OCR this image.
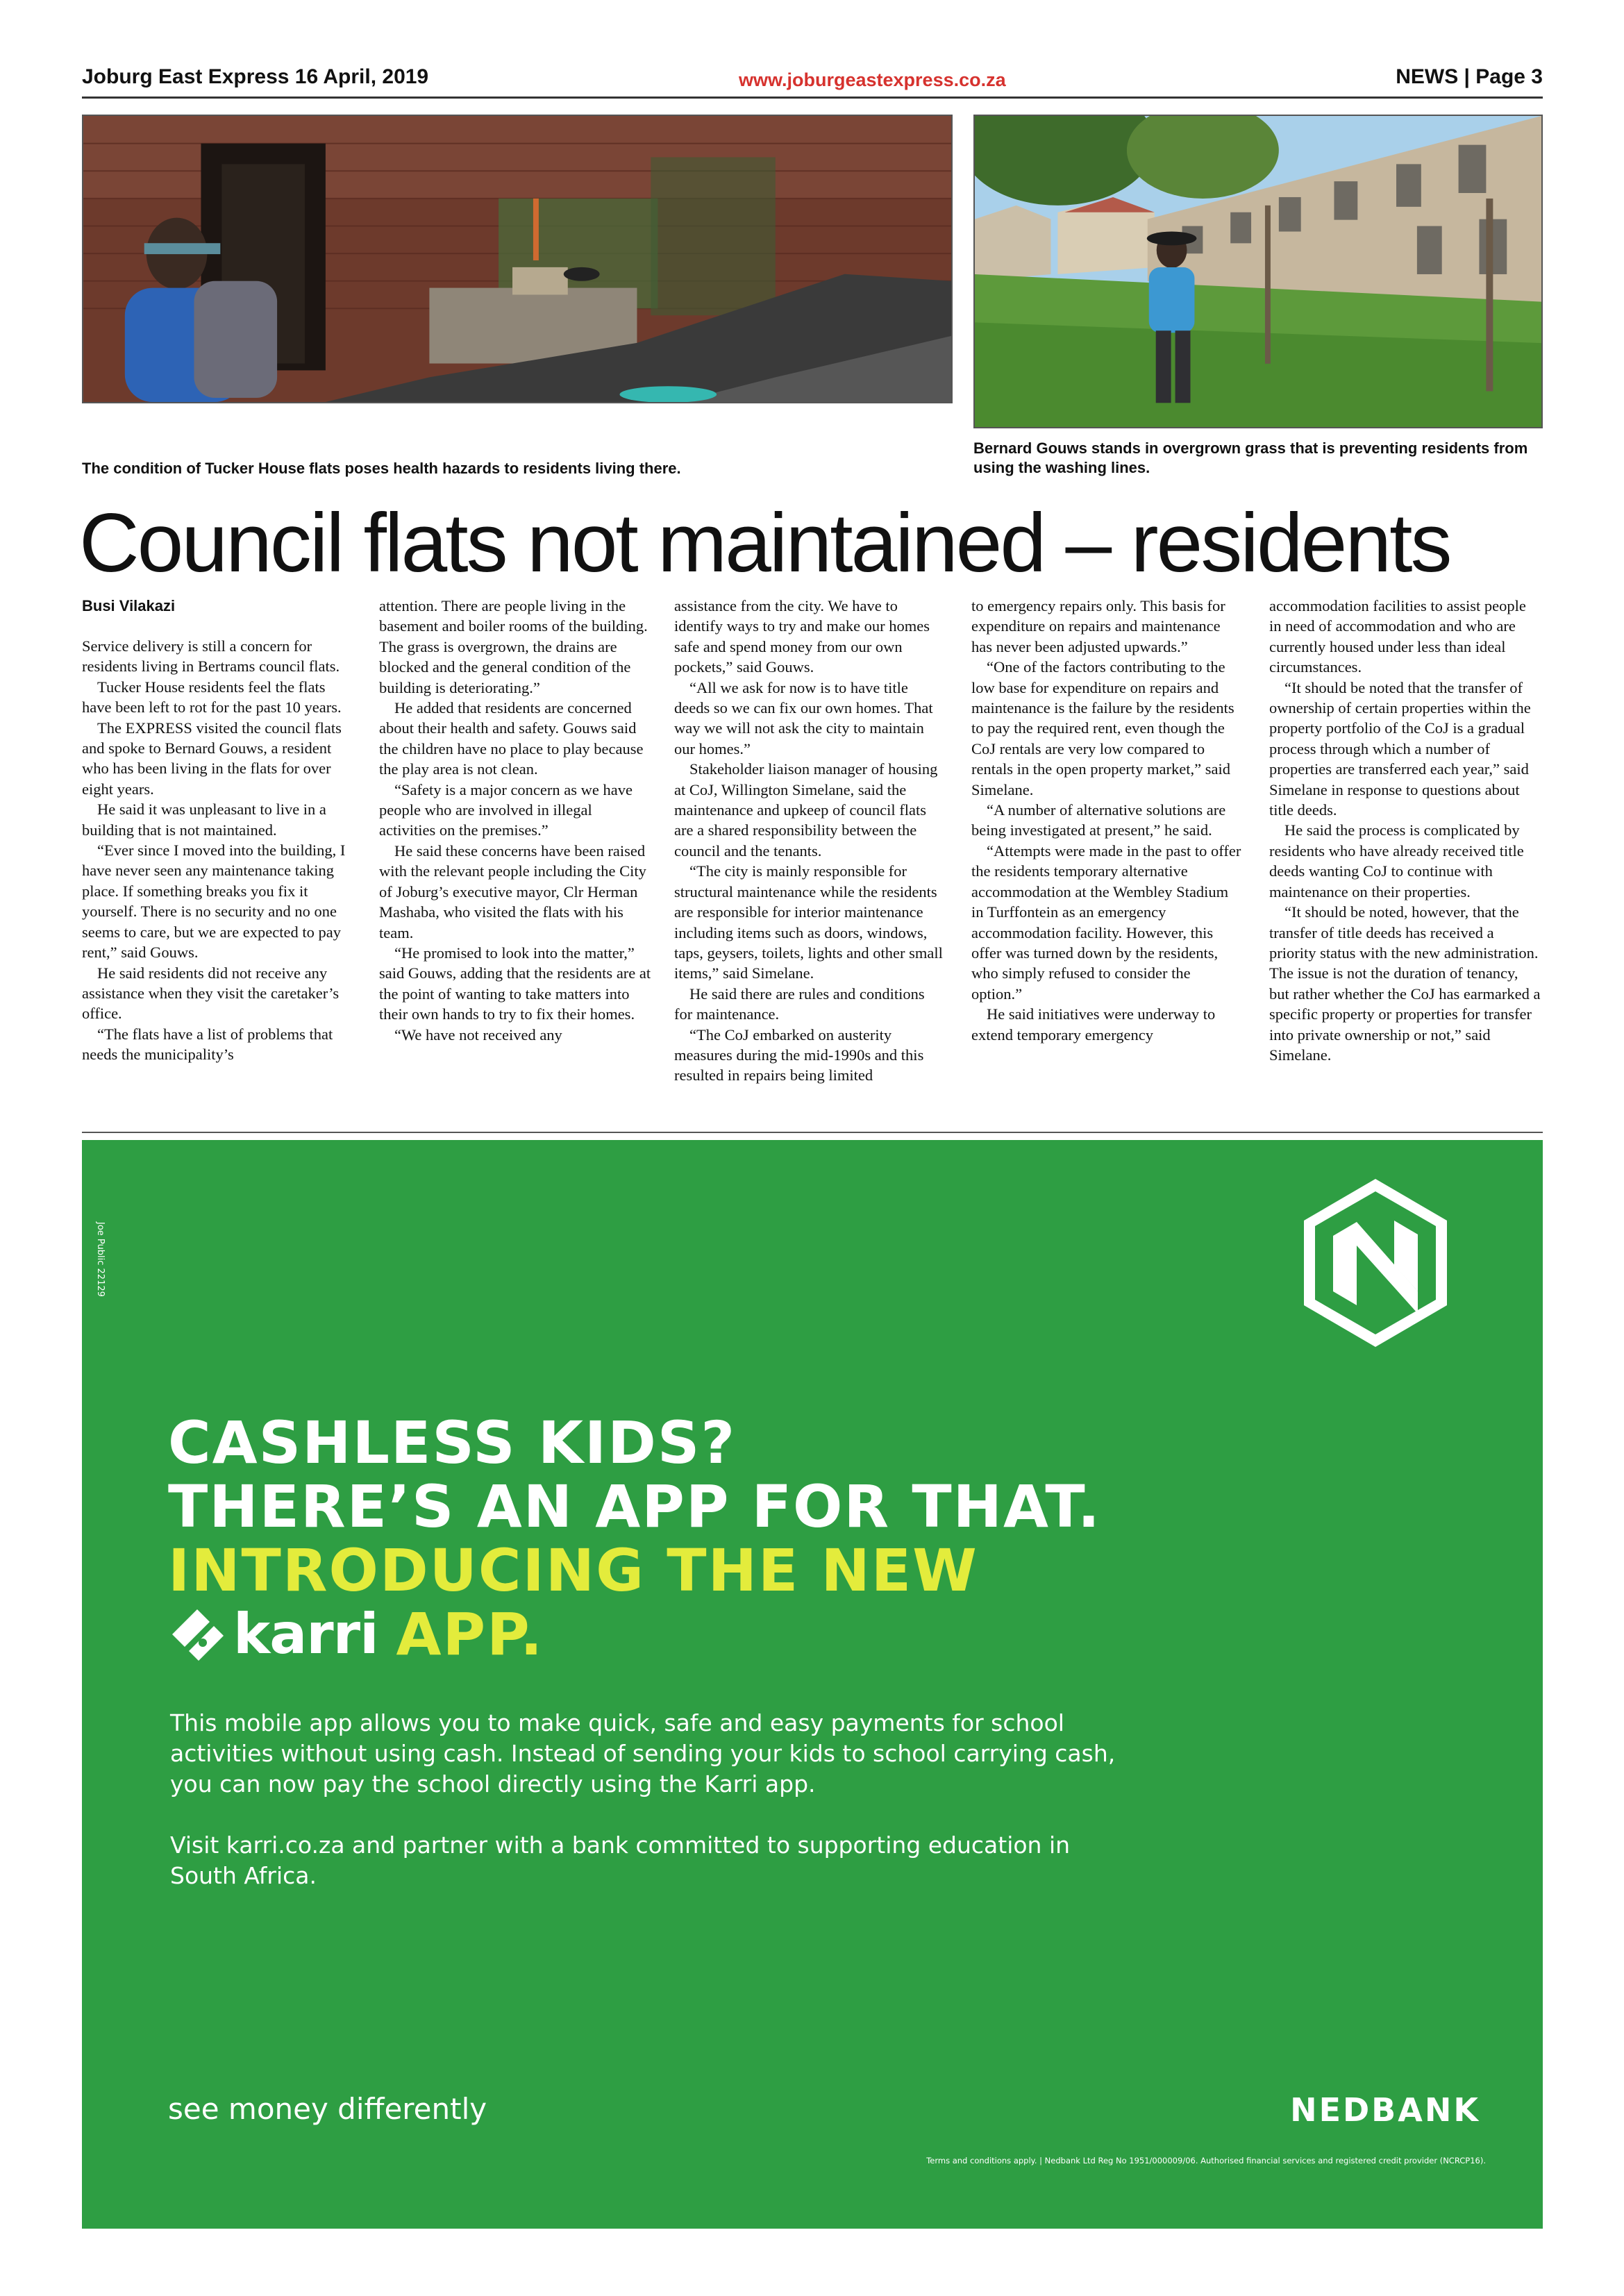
Joburg East Express 16 April, 2019	www.joburgeastexpress.co.za	NEWS | Page 3
The condition of Tucker House flats poses health hazards to residents living there.
Bernard Gouws stands in overgrown grass that is preventing residents from using the washing lines.
Council flats not maintained – residents
Busi Vilakazi

Service delivery is still a concern for residents living in Bertrams council flats.

Tucker House residents feel the flats have been left to rot for the past 10 years.

The EXPRESS visited the council flats and spoke to Bernard Gouws, a resident who has been living in the flats for over eight years.

He said it was unpleasant to live in a building that is not maintained.

“Ever since I moved into the building, I have never seen any maintenance taking place. If something breaks you fix it yourself. There is no security and no one seems to care, but we are expected to pay rent,” said Gouws.

He said residents did not receive any assistance when they visit the caretaker’s office.

“The flats have a list of problems that needs the municipality’s

attention. There are people living in the basement and boiler rooms of the building. The grass is overgrown, the drains are blocked and the general condition of the building is deteriorating.”

He added that residents are concerned about their health and safety. Gouws said the children have no place to play because the play area is not clean.

“Safety is a major concern as we have people who are involved in illegal activities on the premises.”

He said these concerns have been raised with the relevant people including the City of Joburg’s executive mayor, Clr Herman Mashaba, who visited the flats with his team.

“He promised to look into the matter,” said Gouws, adding that the residents are at the point of wanting to take matters into their own hands to try to fix their homes.

“We have not received any

assistance from the city. We have to identify ways to try and make our homes safe and spend money from our own pockets,” said Gouws.

“All we ask for now is to have title deeds so we can fix our own homes. That way we will not ask the city to maintain our homes.”

Stakeholder liaison manager of housing at CoJ, Willington Simelane, said the maintenance and upkeep of council flats are a shared responsibility between the council and the tenants.

“The city is mainly responsible for structural maintenance while the residents are responsible for interior maintenance including items such as doors, windows, taps, geysers, toilets, lights and other small items,” said Simelane.

He said there are rules and conditions for maintenance.

“The CoJ embarked on austerity measures during the mid-1990s and this resulted in repairs being limited

to emergency repairs only. This basis for expenditure on repairs and maintenance has never been adjusted upwards.”

“One of the factors contributing to the low base for expenditure on repairs and maintenance is the failure by the residents to pay the required rent, even though the CoJ rentals are very low compared to rentals in the open property market,” said Simelane.

“A number of alternative solutions are being investigated at present,” he said.

“Attempts were made in the past to offer the residents temporary alternative accommodation at the Wembley Stadium in Turffontein as an emergency accommodation facility. However, this offer was turned down by the residents, who simply refused to consider the option.”

He said initiatives were underway to extend temporary emergency

accommodation facilities to assist people in need of accommodation and who are currently housed under less than ideal circumstances.

“It should be noted that the transfer of ownership of certain properties within the property portfolio of the CoJ is a gradual process through which a number of properties are transferred each year,” said Simelane in response to questions about title deeds.

He said the process is complicated by residents who have already received title deeds wanting CoJ to continue with maintenance on their properties.

“It should be noted, however, that the transfer of title deeds has received a priority status with the new administration. The issue is not the duration of tenancy, but rather whether the CoJ has earmarked a specific property or properties for transfer into private ownership or not,” said Simelane.

Joe Public 22129
CASHLESS KIDS?
THERE’S AN APP FOR THAT.
INTRODUCING THE NEW
karri APP.

This mobile app allows you to make quick, safe and easy payments for school activities without using cash. Instead of sending your kids to school carrying cash, you can now pay the school directly using the Karri app.

Visit karri.co.za and partner with a bank committed to supporting education in South Africa.

see money differently	NEDBANK
Terms and conditions apply. | Nedbank Ltd Reg No 1951/000009/06. Authorised financial services and registered credit provider (NCRCP16).
